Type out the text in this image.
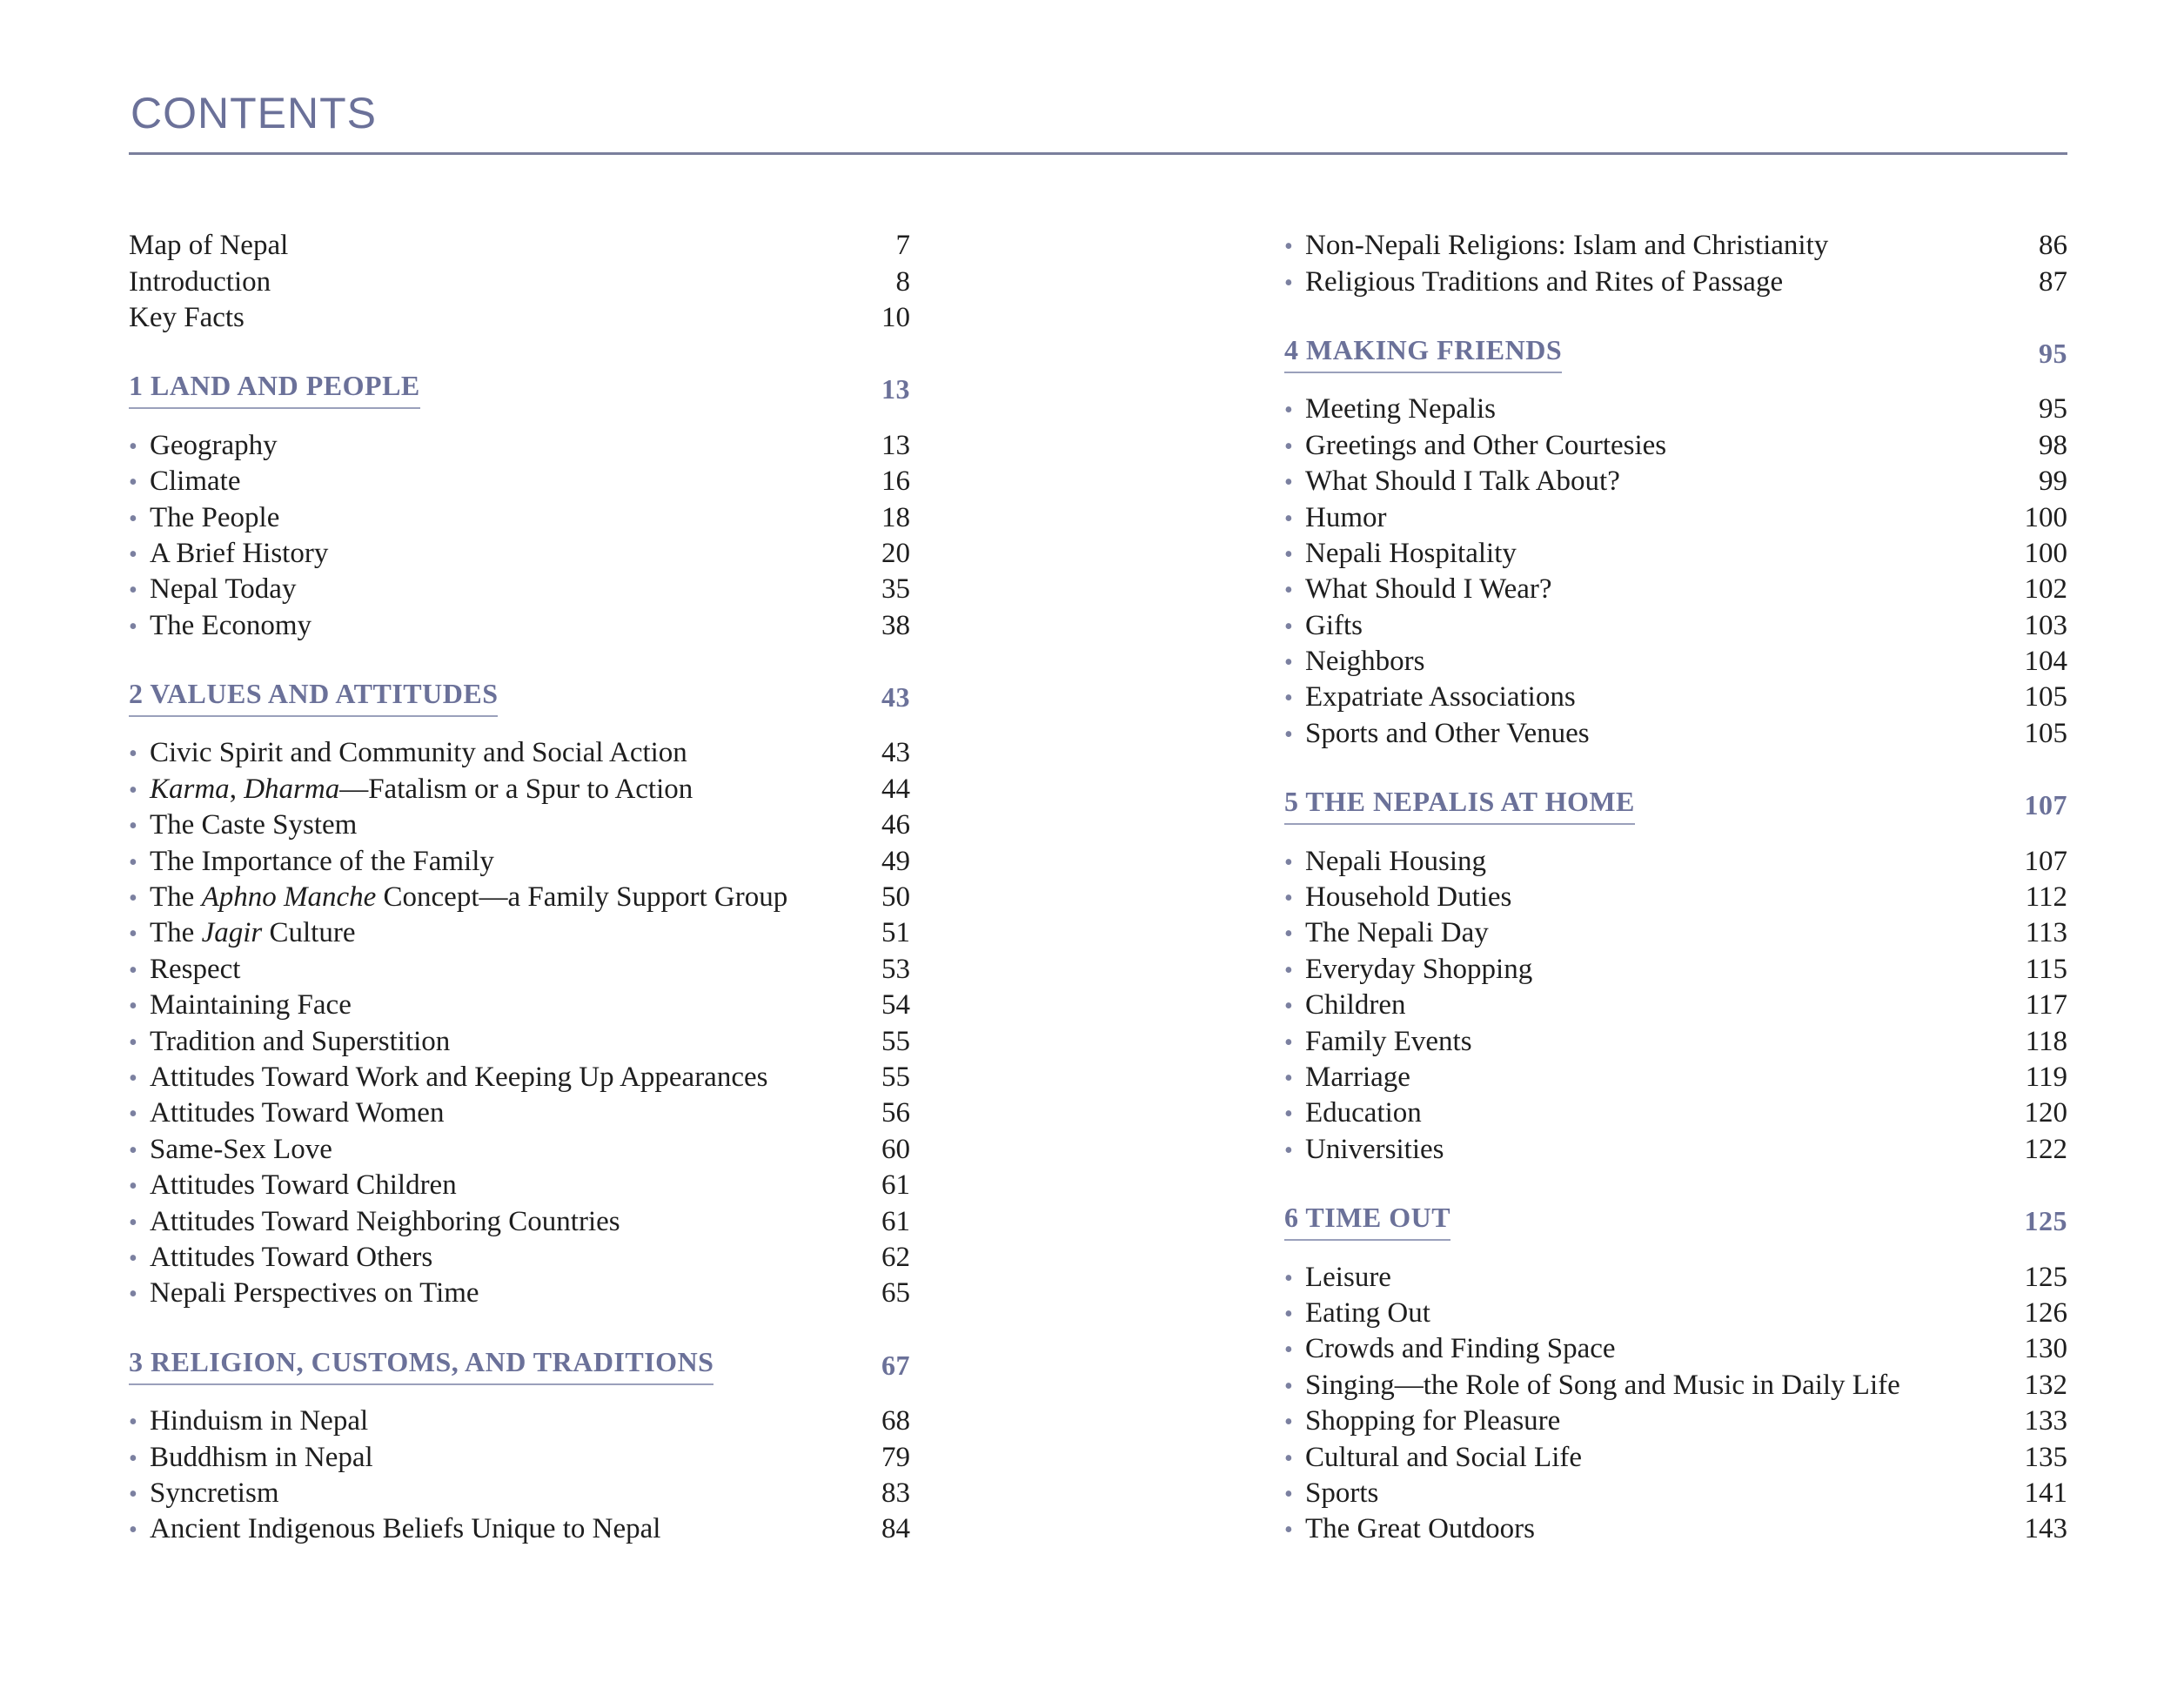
CONTENTS
Map of Nepal	7
Introduction	8
Key Facts	10
1 LAND AND PEOPLE	13
• Geography	13
• Climate	16
• The People	18
• A Brief History	20
• Nepal Today	35
• The Economy	38
2 VALUES AND ATTITUDES	43
• Civic Spirit and Community and Social Action	43
• Karma, Dharma—Fatalism or a Spur to Action	44
• The Caste System	46
• The Importance of the Family	49
• The Aphno Manche Concept—a Family Support Group	50
• The Jagir Culture	51
• Respect	53
• Maintaining Face	54
• Tradition and Superstition	55
• Attitudes Toward Work and Keeping Up Appearances	55
• Attitudes Toward Women	56
• Same-Sex Love	60
• Attitudes Toward Children	61
• Attitudes Toward Neighboring Countries	61
• Attitudes Toward Others	62
• Nepali Perspectives on Time	65
3 RELIGION, CUSTOMS, AND TRADITIONS	67
• Hinduism in Nepal	68
• Buddhism in Nepal	79
• Syncretism	83
• Ancient Indigenous Beliefs Unique to Nepal	84
• Non-Nepali Religions: Islam and Christianity	86
• Religious Traditions and Rites of Passage	87
4 MAKING FRIENDS	95
• Meeting Nepalis	95
• Greetings and Other Courtesies	98
• What Should I Talk About?	99
• Humor	100
• Nepali Hospitality	100
• What Should I Wear?	102
• Gifts	103
• Neighbors	104
• Expatriate Associations	105
• Sports and Other Venues	105
5 THE NEPALIS AT HOME	107
• Nepali Housing	107
• Household Duties	112
• The Nepali Day	113
• Everyday Shopping	115
• Children	117
• Family Events	118
• Marriage	119
• Education	120
• Universities	122
6 TIME OUT	125
• Leisure	125
• Eating Out	126
• Crowds and Finding Space	130
• Singing—the Role of Song and Music in Daily Life	132
• Shopping for Pleasure	133
• Cultural and Social Life	135
• Sports	141
• The Great Outdoors	143
